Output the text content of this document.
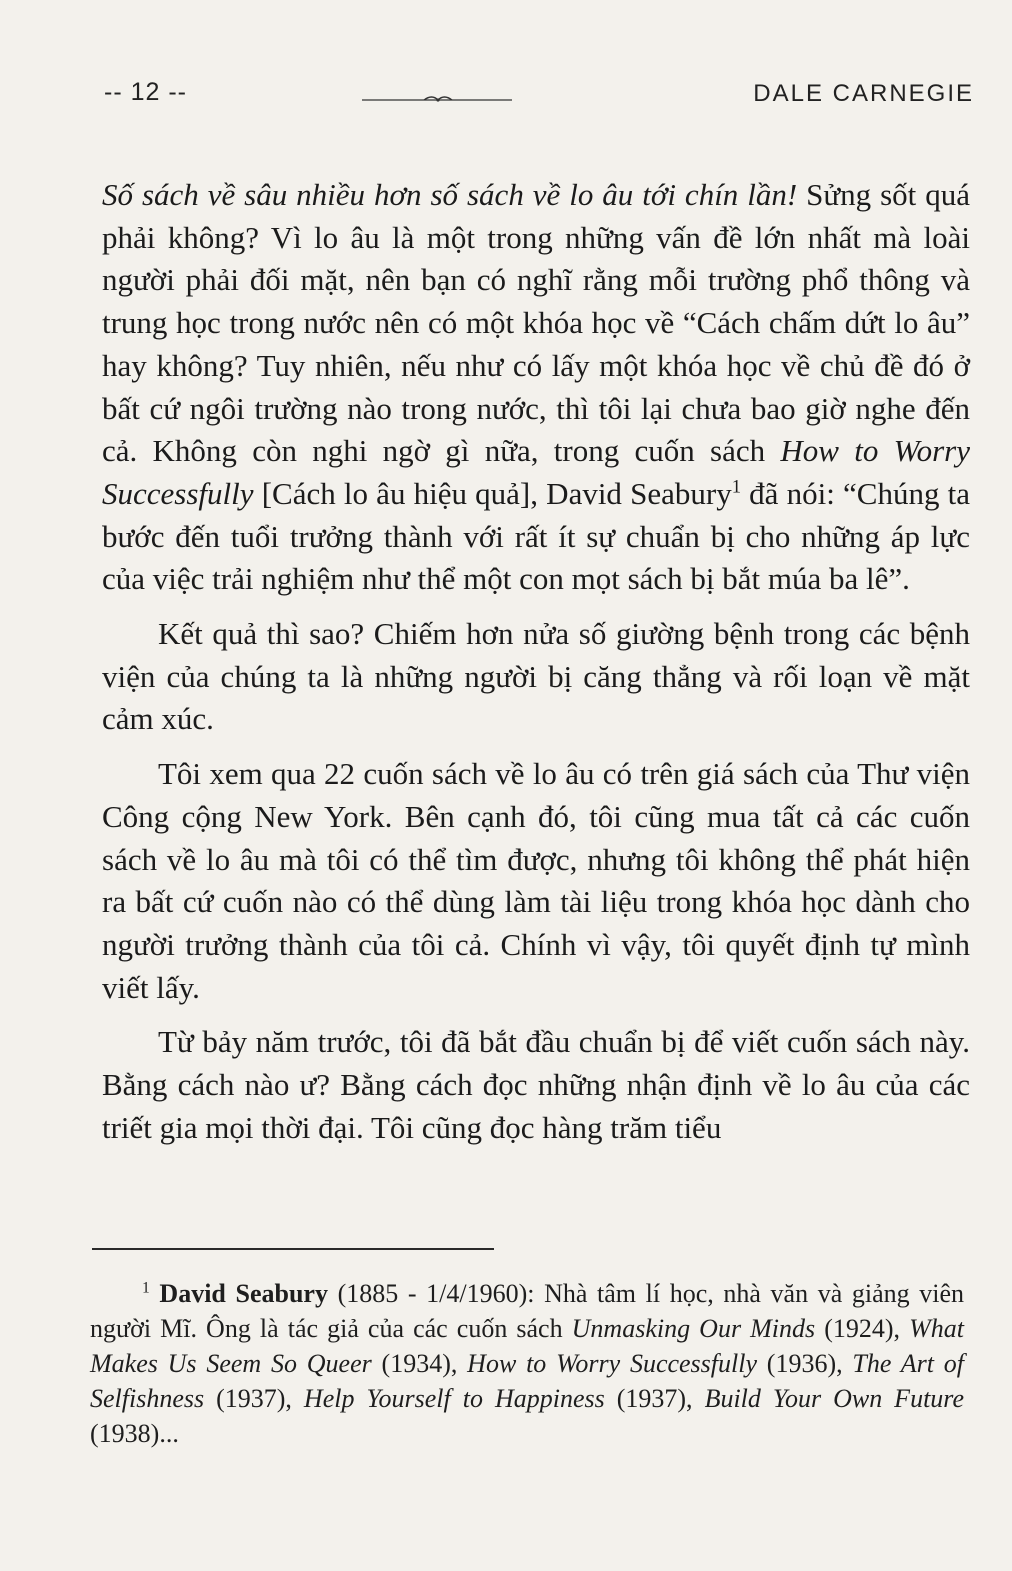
-- 12 --	DALE CARNEGIE

Số sách về sâu nhiều hơn số sách về lo âu tới chín lần! Sửng sốt quá phải không? Vì lo âu là một trong những vấn đề lớn nhất mà loài người phải đối mặt, nên bạn có nghĩ rằng mỗi trường phổ thông và trung học trong nước nên có một khóa học về “Cách chấm dứt lo âu” hay không? Tuy nhiên, nếu như có lấy một khóa học về chủ đề đó ở bất cứ ngôi trường nào trong nước, thì tôi lại chưa bao giờ nghe đến cả. Không còn nghi ngờ gì nữa, trong cuốn sách How to Worry Successfully [Cách lo âu hiệu quả], David Seabury$^1$ đã nói: “Chúng ta bước đến tuổi trưởng thành với rất ít sự chuẩn bị cho những áp lực của việc trải nghiệm như thể một con mọt sách bị bắt múa ba lê”.

Kết quả thì sao? Chiếm hơn nửa số giường bệnh trong các bệnh viện của chúng ta là những người bị căng thẳng và rối loạn về mặt cảm xúc.

Tôi xem qua 22 cuốn sách về lo âu có trên giá sách của Thư viện Công cộng New York. Bên cạnh đó, tôi cũng mua tất cả các cuốn sách về lo âu mà tôi có thể tìm được, nhưng tôi không thể phát hiện ra bất cứ cuốn nào có thể dùng làm tài liệu trong khóa học dành cho người trưởng thành của tôi cả. Chính vì vậy, tôi quyết định tự mình viết lấy.

Từ bảy năm trước, tôi đã bắt đầu chuẩn bị để viết cuốn sách này. Bằng cách nào ư? Bằng cách đọc những nhận định về lo âu của các triết gia mọi thời đại. Tôi cũng đọc hàng trăm tiểu

$^1$ David Seabury (1885 - 1/4/1960): Nhà tâm lí học, nhà văn và giảng viên người Mĩ. Ông là tác giả của các cuốn sách Unmasking Our Minds (1924), What Makes Us Seem So Queer (1934), How to Worry Successfully (1936), The Art of Selfishness (1937), Help Yourself to Happiness (1937), Build Your Own Future (1938)...
